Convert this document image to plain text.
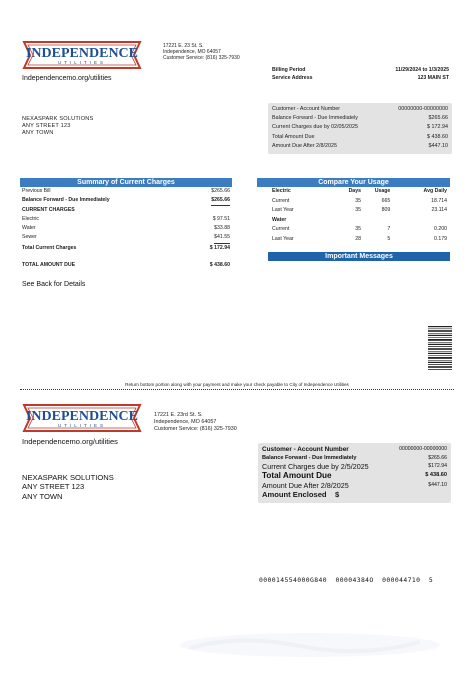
INDEPENDENCE
UTILITIES
17221 E. 23 St. S.
Independence, MO 64057
Customer Service: (816) 325-7930
Independencemo.org/utilities
Billing Period	11/29/2024 to 1/3/2025
Service Address	123 MAIN ST
NEXASPARK SOLUTIONS
ANY STREET 123
ANY TOWN
Customer - Account Number	00000000-00000000
Balance Forward - Due Immediately	$265.66
Current Charges due by 02/05/2025	$ 172.94
Total Amount Due	$ 438.60
Amount Due After 2/8/2025	$447.10
Summary of Current Charges
Previous Bill	$265.66
Balance Forward - Due Immediately	$265.66
CURRENT CHARGES
Electric	$ 97.51
Water	$33.88
Sewer	$41.55
Total Current Charges	$ 172.94
TOTAL AMOUNT DUE	$ 438.60
Compare Your Usage
Electric	Days	Usage	Avg Daily
Current	35	665	18.714
Last Year	35	809	23.114
Water
Current	35	7	0.200
Last Year	28	5	0.179
Important Messages
See Back for Details
Return bottom portion along with your payment and make your check payable to City of Independence Utilities
INDEPENDENCE
UTILITIES
17221 E. 23rd St. S.
Independence, MO 64057
Customer Service: (816) 325-7930
Independencemo.org/utilities
NEXASPARK SOLUTIONS
ANY STREET 123
ANY TOWN
Customer - Account Number	00000000-00000000
Balance Forward - Due Immediately	$265.66
Current Charges due by 2/5/2025	$172.94
Total Amount Due	$ 438.60
Amount Due After 2/8/2025	$447.10
Amount Enclosed $
000014554000G840  00004384O  000044710  5
